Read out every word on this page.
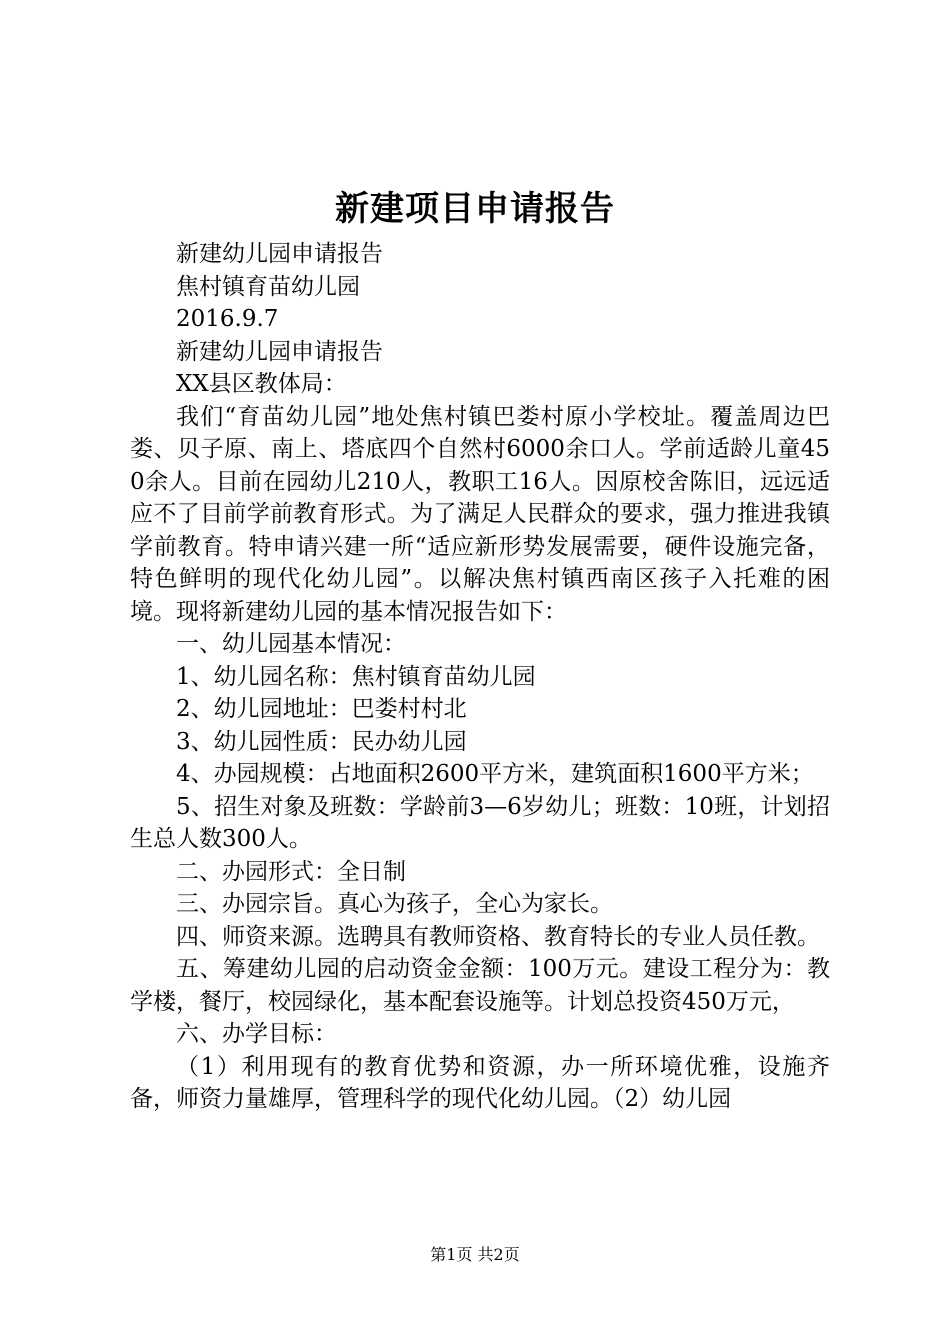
新建项目申请报告

新建幼儿园申请报告

焦村镇育苗幼儿园

2016.9.7

新建幼儿园申请报告

XX县区教体局：

我们“育苗幼儿园”地处焦村镇巴娄村原小学校址。覆盖周边巴娄、贝子原、南上、塔底四个自然村6000余口人。学前适龄儿童450余人。目前在园幼儿210人，教职工16人。因原校舍陈旧，远远适应不了目前学前教育形式。为了满足人民群众的要求，强力推进我镇学前教育。特申请兴建一所“适应新形势发展需要，硬件设施完备，特色鲜明的现代化幼儿园”。以解决焦村镇西南区孩子入托难的困境。现将新建幼儿园的基本情况报告如下：

一、幼儿园基本情况：

1、幼儿园名称：焦村镇育苗幼儿园

2、幼儿园地址：巴娄村村北

3、幼儿园性质：民办幼儿园

4、办园规模：占地面积2600平方米，建筑面积1600平方米；

5、招生对象及班数：学龄前3—6岁幼儿；班数：10班，计划招生总人数300人。

二、办园形式：全日制

三、办园宗旨。真心为孩子，全心为家长。

四、师资来源。选聘具有教师资格、教育特长的专业人员任教。

五、筹建幼儿园的启动资金金额：100万元。建设工程分为：教学楼，餐厅，校园绿化，基本配套设施等。计划总投资450万元，

六、办学目标：

（1）利用现有的教育优势和资源，办一所环境优雅，设施齐备，师资力量雄厚，管理科学的现代化幼儿园。（2）幼儿园

第1页 共2页
